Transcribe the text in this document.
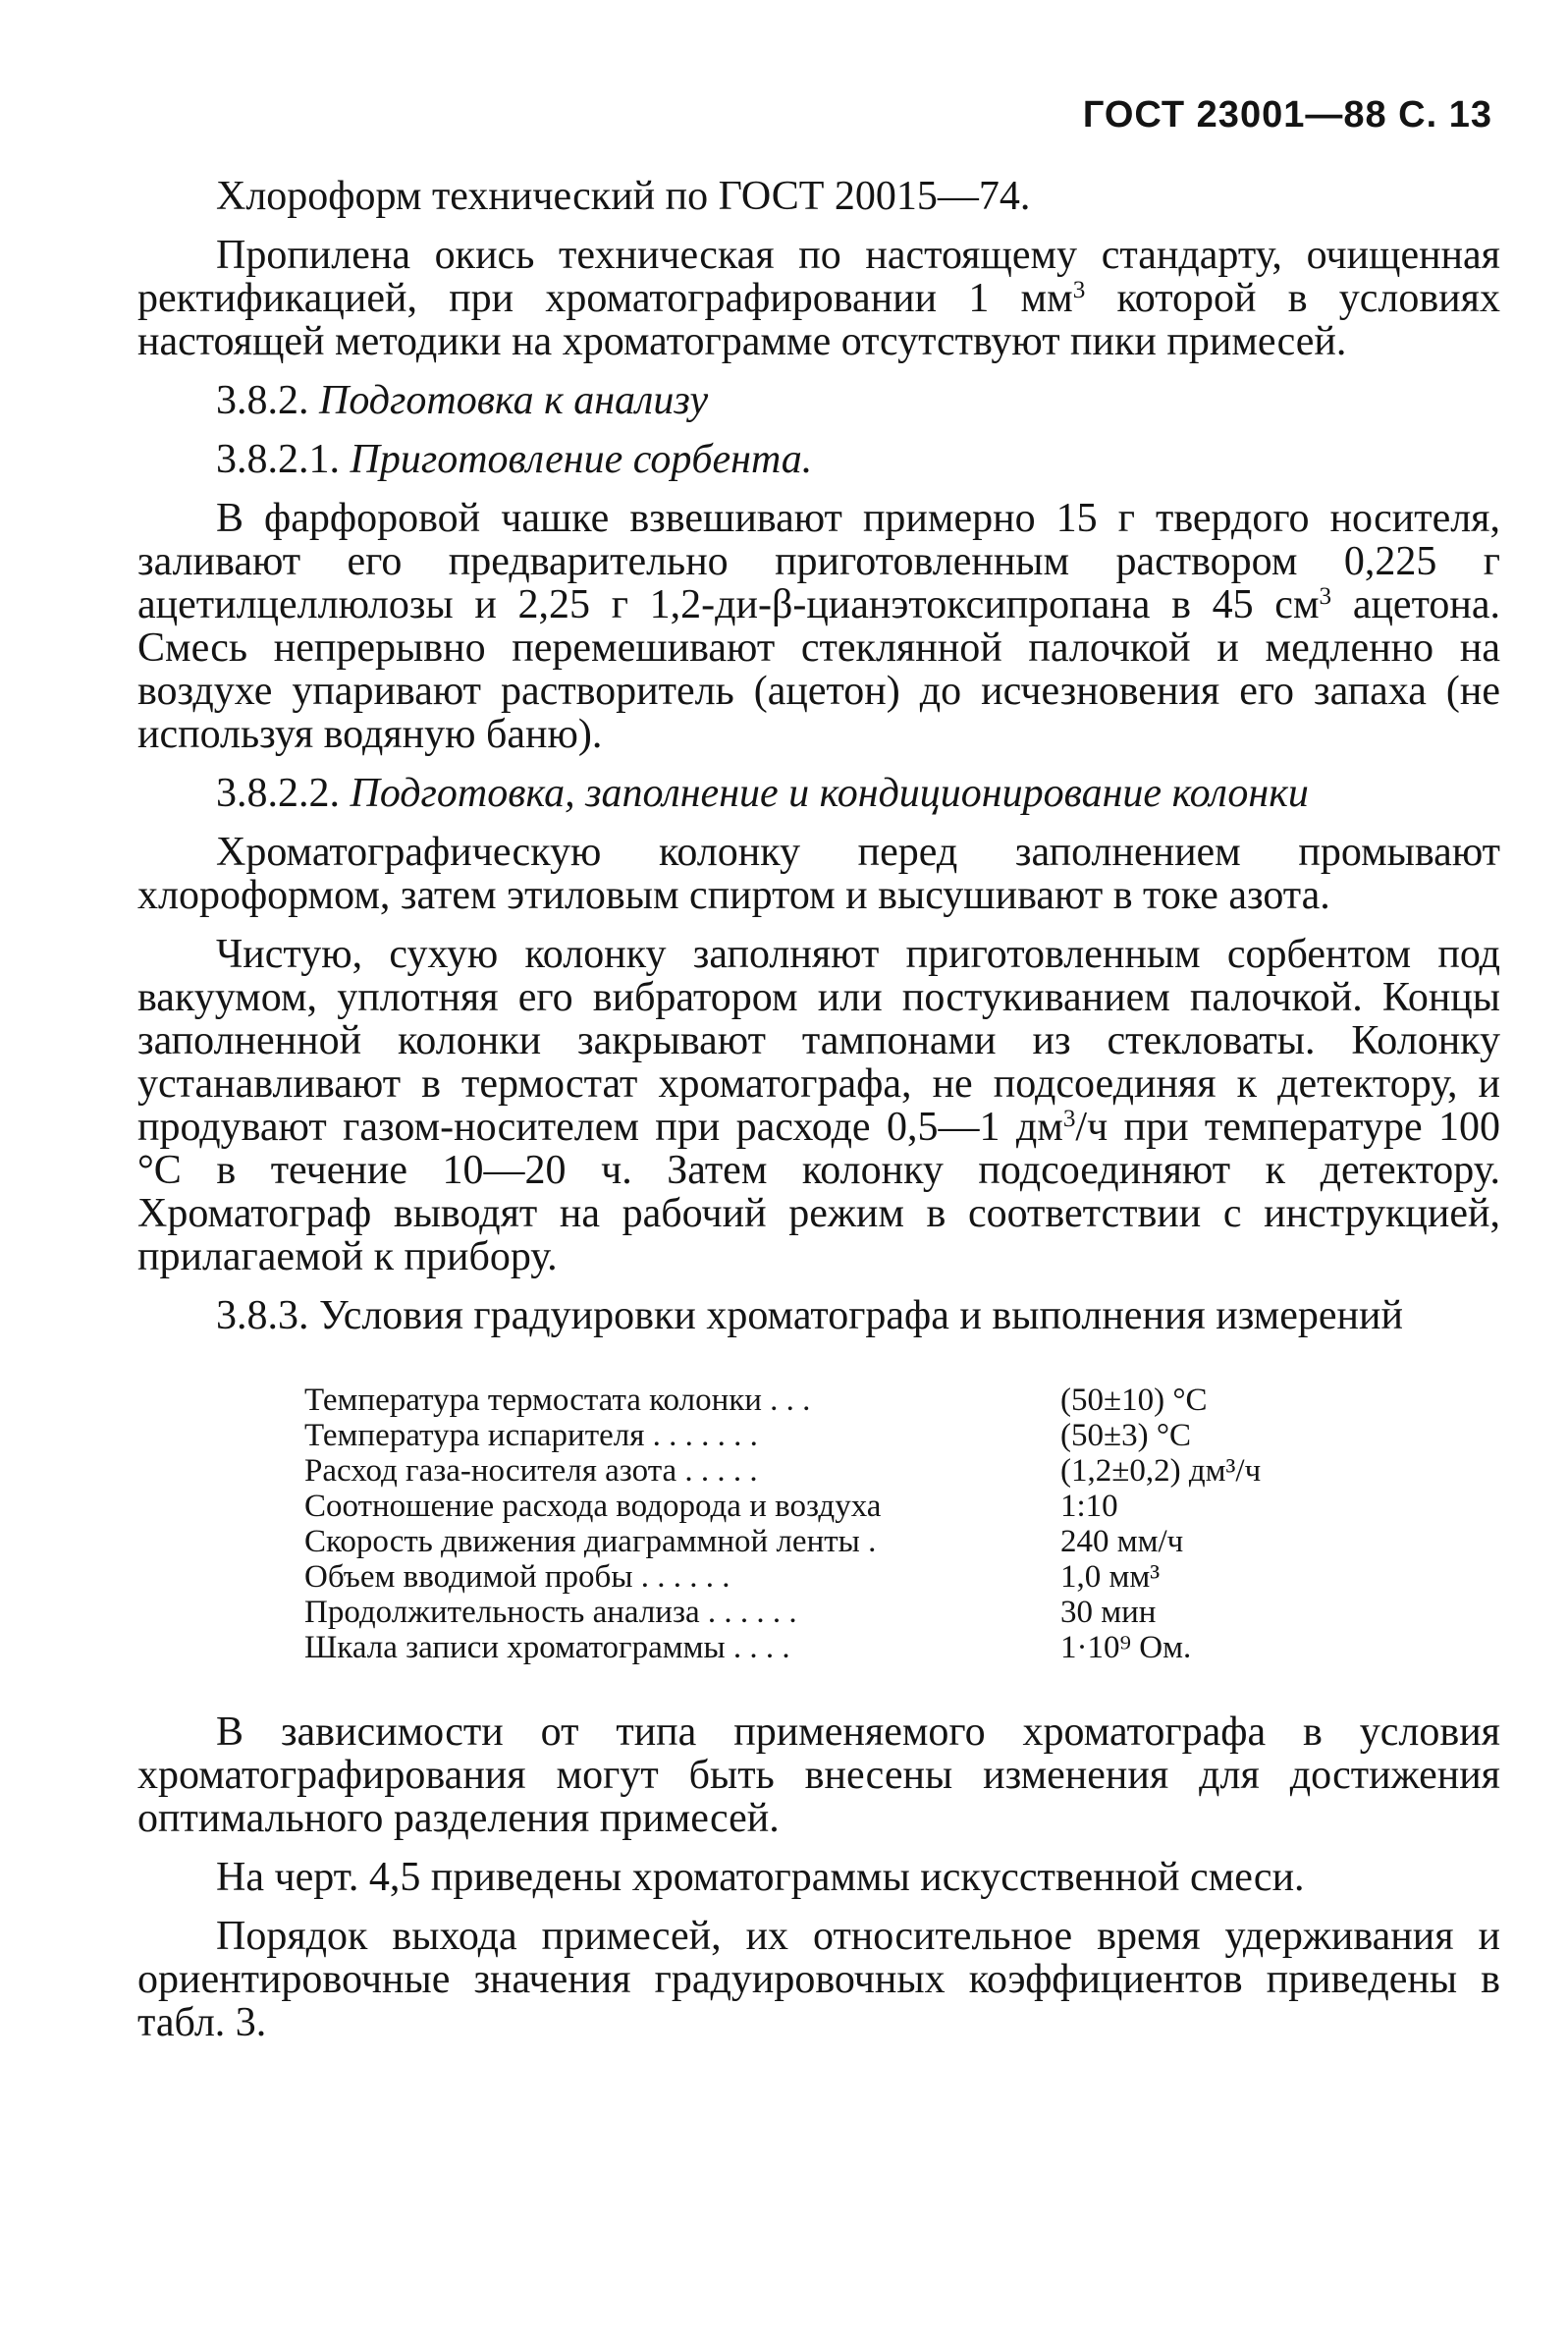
ГОСТ 23001—88 С. 13

Хлороформ технический по ГОСТ 20015—74.

Пропилена окись техническая по настоящему стандарту, очищенная ректификацией, при хроматографировании 1 $мм^3$ которой в условиях настоящей методики на хроматограмме отсутствуют пики примесей.

3.8.2. Подготовка к анализу

3.8.2.1. Приготовление сорбента.

В фарфоровой чашке взвешивают примерно 15 г твердого носителя, заливают его предварительно приготовленным раствором 0,225 г ацетилцеллюлозы и 2,25 г 1,2-ди-β-цианэтоксипропана в 45 $см^3$ ацетона. Смесь непрерывно перемешивают стеклянной палочкой и медленно на воздухе упаривают растворитель (ацетон) до исчезновения его запаха (не используя водяную баню).

3.8.2.2. Подготовка, заполнение и кондиционирование колонки

Хроматографическую колонку перед заполнением промывают хлороформом, затем этиловым спиртом и высушивают в токе азота.

Чистую, сухую колонку заполняют приготовленным сорбентом под вакуумом, уплотняя его вибратором или постукиванием палочкой. Концы заполненной колонки закрывают тампонами из стекловаты. Колонку устанавливают в термостат хроматографа, не подсоединяя к детектору, и продувают газом-носителем при расходе 0,5—1 $дм^3/ч$ при температуре 100 °С в течение 10—20 ч. Затем колонку подсоединяют к детектору. Хроматограф выводят на рабочий режим в соответствии с инструкцией, прилагаемой к прибору.

3.8.3. Условия градуировки хроматографа и выполнения измерений

Температура термостата колонки . . .	(50±10) °С
Температура испарителя . . . . . . .	(50±3) °С
Расход газа-носителя азота . . . . .	(1,2±0,2) дм³/ч
Соотношение расхода водорода и воздуха	1:10
Скорость движения диаграммной ленты .	240 мм/ч
Объем вводимой пробы . . . . . .	1,0 мм³
Продолжительность анализа . . . . . .	30 мин
Шкала записи хроматограммы . . . .	1·10⁹ Ом.

В зависимости от типа применяемого хроматографа в условия хроматографирования могут быть внесены изменения для достижения оптимального разделения примесей.

На черт. 4,5 приведены хроматограммы искусственной смеси.

Порядок выхода примесей, их относительное время удерживания и ориентировочные значения градуировочных коэффициентов приведены в табл. 3.
